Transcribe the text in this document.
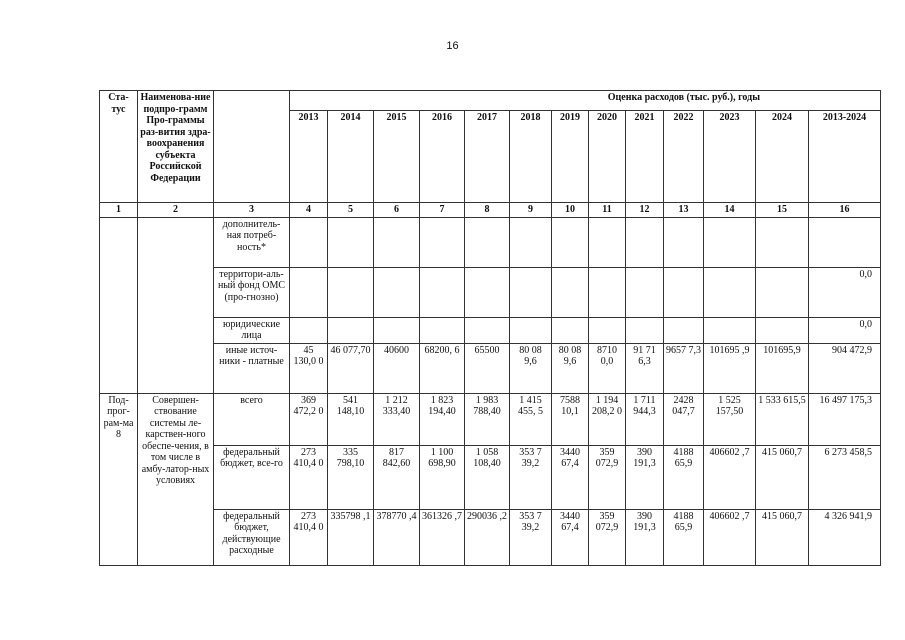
16
Ста-тус	Наименова-ние подпро-грамм Про-граммы раз-вития здра-воохранения субъекта Российской Федерации		Оценка расходов (тыс. руб.), годы												
			2013	2014	2015	2016	2017	2018	2019	2020	2021	2022	2023	2024	2013-2024
1	2	3	4	5	6	7	8	9	10	11	12	13	14	15	16
		дополнитель-ная потреб-ность*													
		территори-аль-ный фонд ОМС (про-гнозно)													0,0
		юридические лица													0,0
		иные источ-ники - платные	45 130,0 0	46 077,70	40600	68200, 6	65500	80 08 9,6	80 08 9,6	8710 0,0	91 71 6,3	9657 7,3	101695 ,9	101695,9	904 472,9
Под-прог-рам-ма 8	Совершен-ствование системы ле-карствен-ного обеспе-чения, в том числе в амбу-латор-ных условиях	всего	369 472,2 0	541 148,10	1 212 333,40	1 823 194,40	1 983 788,40	1 415 455, 5	7588 10,1	1 194 208,2 0	1 711 944,3	2428 047,7	1 525 157,50	1 533 615,5	16 497 175,3
		федеральный бюджет, все-го	273 410,4 0	335 798,10	817 842,60	1 100 698,90	1 058 108,40	353 7 39,2	3440 67,4	359 072,9	390 191,3	4188 65,9	406602 ,7	415 060,7	6 273 458,5
		федеральный бюджет, действующие расходные	273 410,4 0	335798 ,1	378770 ,4	361326 ,7	290036 ,2	353 7 39,2	3440 67,4	359 072,9	390 191,3	4188 65,9	406602 ,7	415 060,7	4 326 941,9
